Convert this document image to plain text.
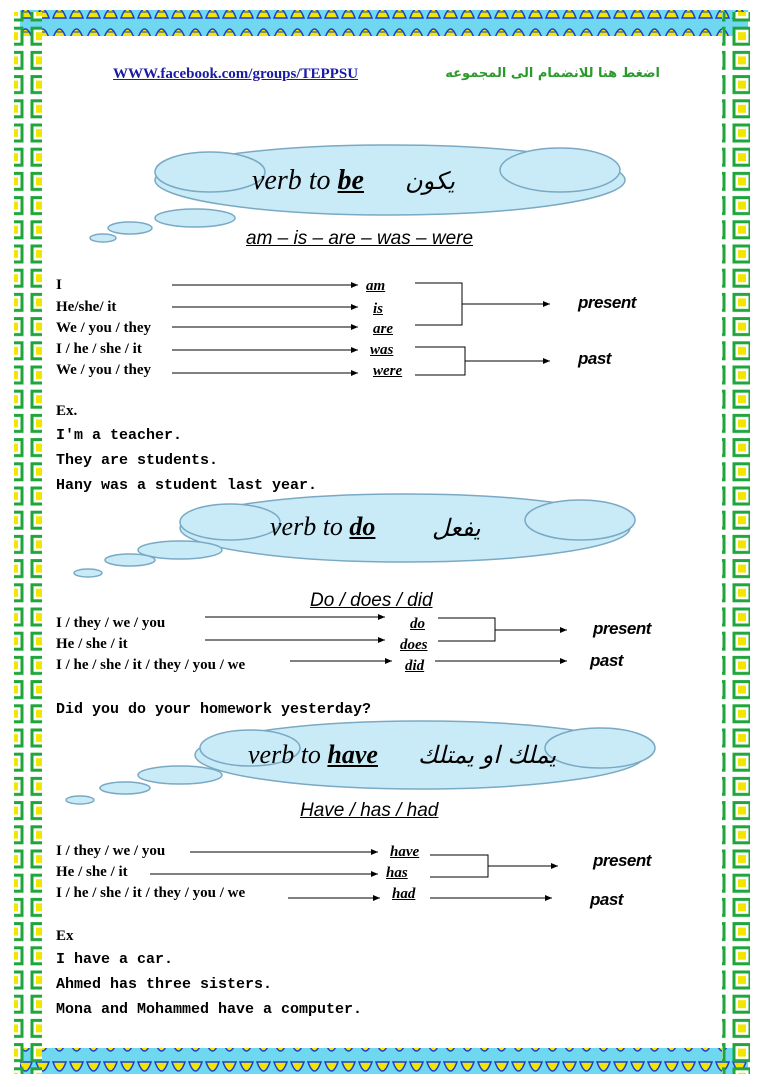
WWW.facebook.com/groups/TEPPSU	اضغط هنا للانضمام الى المجموعه
verb to be يكون
am – is – are – was – were
I
He/she/ it
We / you / they
I / he / she / it
We / you / they
am
is
are
was
were
present
past
Ex.
I'm a teacher.
They are students.
Hany was a student last year.
verb to do يفعل
Do / does / did
I / they / we / you
He / she / it
I / he / she / it / they / you / we
do
does
did
present
past
Did you do your homework yesterday?
verb to have يملك او يمتلك
Have / has / had
I / they / we / you
He / she / it
I / he / she / it / they / you / we
have
has
had
present
past
Ex
I have a car.
Ahmed has three sisters.
Mona and Mohammed have a computer.
